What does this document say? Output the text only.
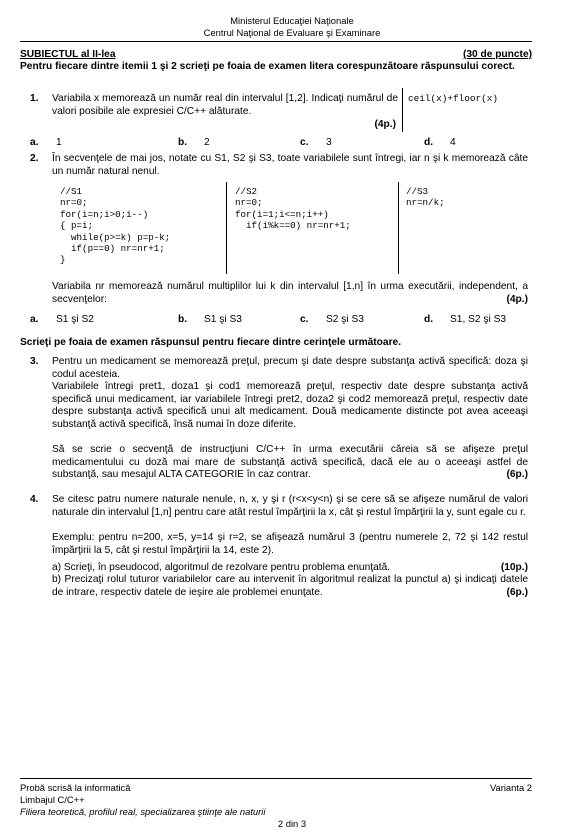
Ministerul Educaţiei Naţionale
Centrul Naţional de Evaluare şi Examinare
SUBIECTUL al II-lea	(30 de puncte)
Pentru fiecare dintre itemii 1 şi 2 scrieţi pe foaia de examen litera corespunzătoare răspunsului corect.
1. Variabila x memorează un număr real din intervalul [1,2]. Indicaţi numărul de valori posibile ale expresiei C/C++ alăturate.
(4p.)
ceil(x)+floor(x)
a. 1	b. 2	c. 3	d. 4
2. În secvenţele de mai jos, notate cu S1, S2 şi S3, toate variabilele sunt întregi, iar n şi k memorează câte un număr natural nenul.
//S1
nr=0;
for(i=n;i>0;i--)
{ p=i;
while(p>=k) p=p-k;
if(p==0) nr=nr+1;
}
//S2
nr=0;
for(i=1;i<=n;i++)
if(i%k==0) nr=nr+1;
//S3
nr=n/k;
Variabila nr memorează numărul multiplilor lui k din intervalul [1,n] în urma executării, independent, a secvenţelor:	(4p.)
a. S1 şi S2	b. S1 şi S3	c. S2 şi S3	d. S1, S2 şi S3
Scrieţi pe foaia de examen răspunsul pentru fiecare dintre cerinţele următoare.
3. Pentru un medicament se memorează preţul, precum şi date despre substanţa activă specifică: doza şi codul acesteia.
Variabilele întregi pret1, doza1 şi cod1 memorează preţul, respectiv date despre substanţa activă specifică unui medicament, iar variabilele întregi pret2, doza2 şi cod2 memorează preţul, respectiv date despre substanţa activă specifică unui alt medicament. Două medicamente distincte pot avea aceeaşi substanţă activă specifică, însă numai în doze diferite.
Să se scrie o secvenţă de instrucţiuni C/C++ în urma executării căreia să se afişeze preţul medicamentului cu doză mai mare de substanţă activă specifică, dacă ele au o aceeaşi astfel de substanţă, sau mesajul ALTA CATEGORIE în caz contrar.	(6p.)
4. Se citesc patru numere naturale nenule, n, x, y şi r (r<x<y<n) şi se cere să se afişeze numărul de valori naturale din intervalul [1,n] pentru care atât restul împărţirii la x, cât şi restul împărţirii la y, sunt egale cu r.
Exemplu: pentru n=200, x=5, y=14 şi r=2, se afişează numărul 3 (pentru numerele 2, 72 şi 142 restul împărţirii la 5, cât şi restul împărţirii la 14, este 2).
a) Scrieţi, în pseudocod, algoritmul de rezolvare pentru problema enunţată.	(10p.)
b) Precizaţi rolul tuturor variabilelor care au intervenit în algoritmul realizat la punctul a) şi indicaţi datele de intrare, respectiv datele de ieşire ale problemei enunţate.	(6p.)
Probă scrisă la informatică
Limbajul C/C++
Filiera teoretică, profilul real, specializarea ştiinţe ale naturii
Varianta 2
2 din 3
